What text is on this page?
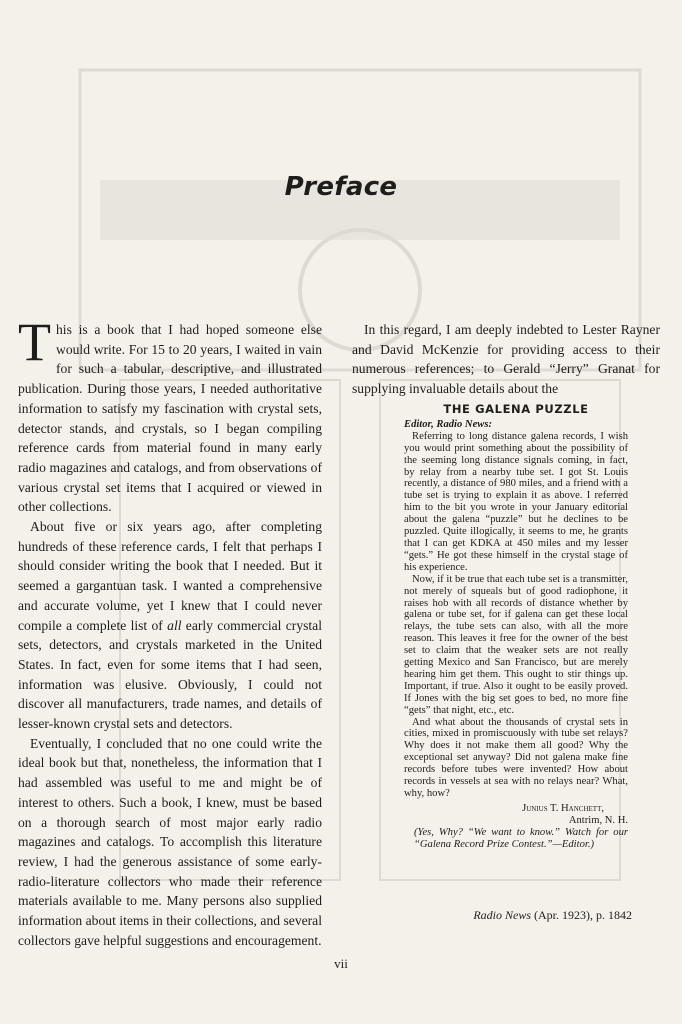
Preface

This is a book that I had hoped someone else would write. For 15 to 20 years, I waited in vain for such a tabular, descriptive, and illustrated publication. During those years, I needed authoritative information to satisfy my fascination with crystal sets, detector stands, and crystals, so I began compiling reference cards from material found in many early radio magazines and catalogs, and from observations of various crystal set items that I acquired or viewed in other collections.

About five or six years ago, after completing hundreds of these reference cards, I felt that perhaps I should consider writing the book that I needed. But it seemed a gargantuan task. I wanted a comprehensive and accurate volume, yet I knew that I could never compile a complete list of all early commercial crystal sets, detectors, and crystals marketed in the United States. In fact, even for some items that I had seen, information was elusive. Obviously, I could not discover all manufacturers, trade names, and details of lesser-known crystal sets and detectors.

Eventually, I concluded that no one could write the ideal book but that, nonetheless, the information that I had assembled was useful to me and might be of interest to others. Such a book, I knew, must be based on a thorough search of most major early radio magazines and catalogs. To accomplish this literature review, I had the generous assistance of some early-radio-literature collectors who made their reference materials available to me. Many persons also supplied information about items in their collections, and several collectors gave helpful suggestions and encouragement.

In this regard, I am deeply indebted to Lester Rayner and David McKenzie for providing access to their numerous references; to Gerald “Jerry” Granat for supplying invaluable details about the

THE GALENA PUZZLE

Editor, Radio News:

Referring to long distance galena records, I wish you would print something about the possibility of the seeming long distance signals coming, in fact, by relay from a nearby tube set. I got St. Louis recently, a distance of 980 miles, and a friend with a tube set is trying to explain it as above. I referred him to the bit you wrote in your January editorial about the galena “puzzle” but he declines to be puzzled. Quite illogically, it seems to me, he grants that I can get KDKA at 450 miles and my lesser “gets.” He got these himself in the crystal stage of his experience.

Now, if it be true that each tube set is a transmitter, not merely of squeals but of good radiophone, it raises hob with all records of distance whether by galena or tube set, for if galena can get these local relays, the tube sets can also, with all the more reason. This leaves it free for the owner of the best set to claim that the weaker sets are not really getting Mexico and San Francisco, but are merely hearing him get them. This ought to stir things up. Important, if true. Also it ought to be easily proved. If Jones with the big set goes to bed, no more fine “gets” that night, etc., etc.

And what about the thousands of crystal sets in cities, mixed in promiscuously with tube set relays? Why does it not make them all good? Why the exceptional set anyway? Did not galena make fine records before tubes were invented? How about records in vessels at sea with no relays near? What, why, how?

Junius T. Hanchett,
Antrim, N. H.

(Yes, Why? “We want to know.” Watch for our “Galena Record Prize Contest.”—Editor.)

Radio News (Apr. 1923), p. 1842
vii
